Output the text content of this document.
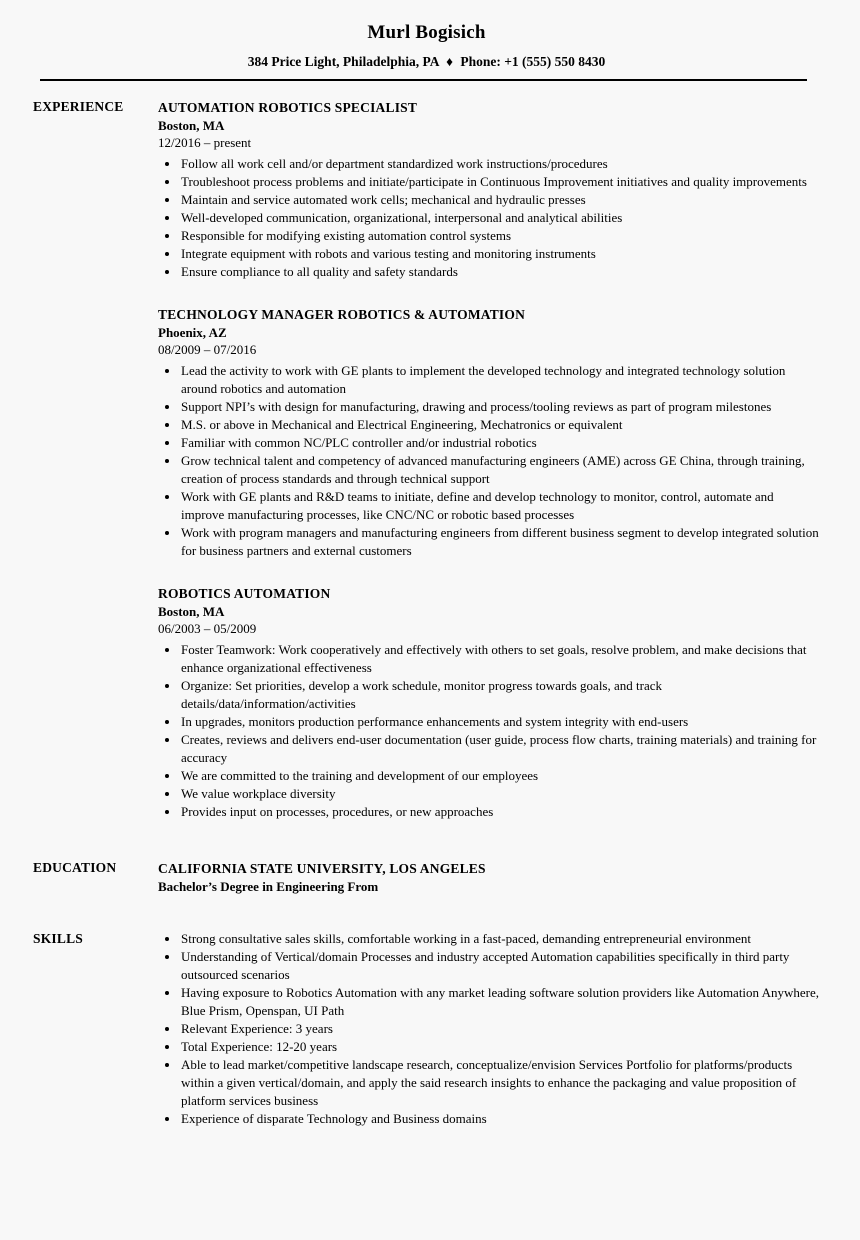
Murl Bogisich
384 Price Light, Philadelphia, PA ♦ Phone: +1 (555) 550 8430
EXPERIENCE	AUTOMATION ROBOTICS SPECIALIST
Boston, MA
12/2016 – present
• Follow all work cell and/or department standardized work instructions/procedures
• Troubleshoot process problems and initiate/participate in Continuous Improvement initiatives and quality improvements
• Maintain and service automated work cells; mechanical and hydraulic presses
• Well-developed communication, organizational, interpersonal and analytical abilities
• Responsible for modifying existing automation control systems
• Integrate equipment with robots and various testing and monitoring instruments
• Ensure compliance to all quality and safety standards
TECHNOLOGY MANAGER ROBOTICS & AUTOMATION
Phoenix, AZ
08/2009 – 07/2016
• Lead the activity to work with GE plants to implement the developed technology and integrated technology solution around robotics and automation
• Support NPI’s with design for manufacturing, drawing and process/tooling reviews as part of program milestones
• M.S. or above in Mechanical and Electrical Engineering, Mechatronics or equivalent
• Familiar with common NC/PLC controller and/or industrial robotics
• Grow technical talent and competency of advanced manufacturing engineers (AME) across GE China, through training, creation of process standards and through technical support
• Work with GE plants and R&D teams to initiate, define and develop technology to monitor, control, automate and improve manufacturing processes, like CNC/NC or robotic based processes
• Work with program managers and manufacturing engineers from different business segment to develop integrated solution for business partners and external customers
ROBOTICS AUTOMATION
Boston, MA
06/2003 – 05/2009
• Foster Teamwork: Work cooperatively and effectively with others to set goals, resolve problem, and make decisions that enhance organizational effectiveness
• Organize: Set priorities, develop a work schedule, monitor progress towards goals, and track details/data/information/activities
• In upgrades, monitors production performance enhancements and system integrity with end-users
• Creates, reviews and delivers end-user documentation (user guide, process flow charts, training materials) and training for accuracy
• We are committed to the training and development of our employees
• We value workplace diversity
• Provides input on processes, procedures, or new approaches
EDUCATION	CALIFORNIA STATE UNIVERSITY, LOS ANGELES
Bachelor’s Degree in Engineering From
SKILLS	• Strong consultative sales skills, comfortable working in a fast-paced, demanding entrepreneurial environment
• Understanding of Vertical/domain Processes and industry accepted Automation capabilities specifically in third party outsourced scenarios
• Having exposure to Robotics Automation with any market leading software solution providers like Automation Anywhere, Blue Prism, Openspan, UI Path
• Relevant Experience: 3 years
• Total Experience: 12-20 years
• Able to lead market/competitive landscape research, conceptualize/envision Services Portfolio for platforms/products within a given vertical/domain, and apply the said research insights to enhance the packaging and value proposition of platform services business
• Experience of disparate Technology and Business domains
